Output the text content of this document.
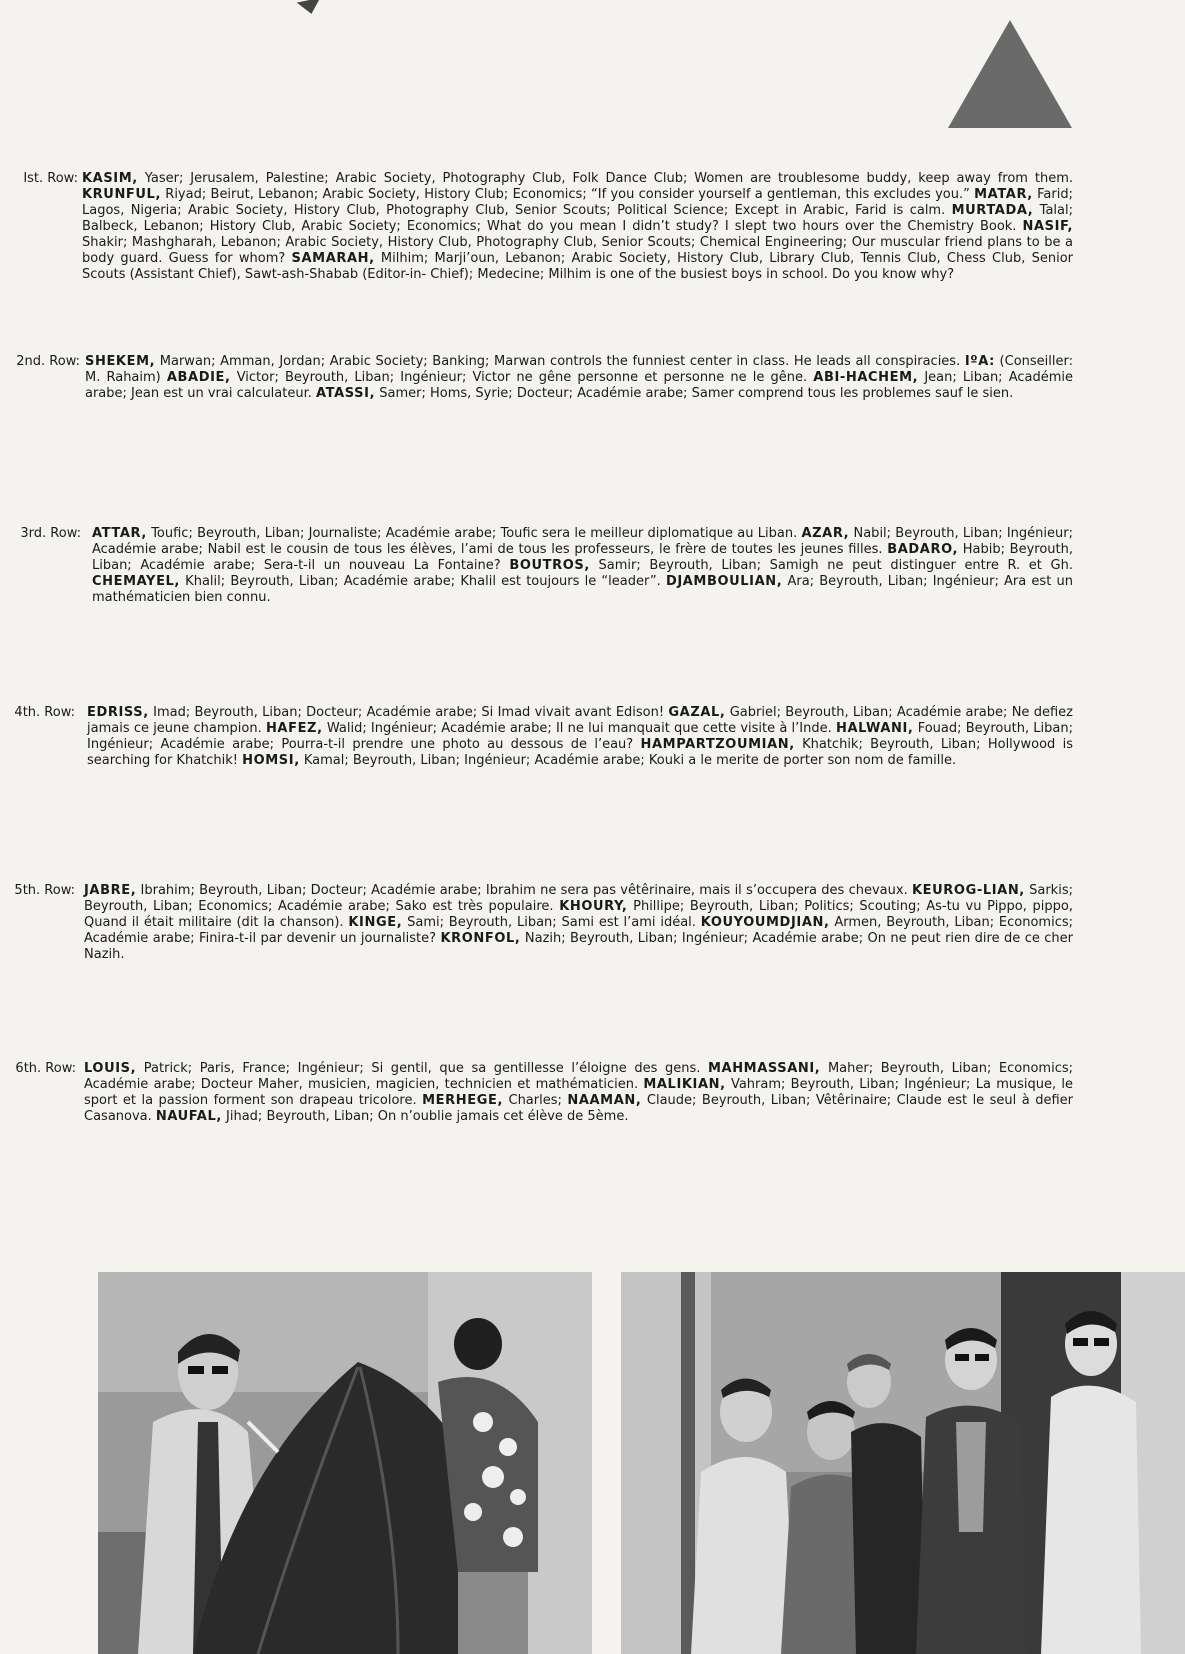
Ist. Row: KASIM, Yaser; Jerusalem, Palestine; Arabic Society, Photography Club, Folk Dance Club; Women are troublesome buddy, keep away from them. KRUNFUL, Riyad; Beirut, Lebanon; Arabic Society, History Club; Economics; “If you consider yourself a gentleman, this excludes you.” MATAR, Farid; Lagos, Nigeria; Arabic Society, History Club, Photography Club, Senior Scouts; Political Science; Except in Arabic, Farid is calm. MURTADA, Talal; Balbeck, Lebanon; History Club, Arabic Society; Economics; What do you mean I didn’t study? I slept two hours over the Chemistry Book. NASIF, Shakir; Mashgharah, Lebanon; Arabic Society, History Club, Photography Club, Senior Scouts; Chemical Engineering; Our muscular friend plans to be a body guard. Guess for whom? SAMARAH, Milhim; Marji’oun, Lebanon; Arabic Society, History Club, Library Club, Tennis Club, Chess Club, Senior Scouts (Assistant Chief), Sawt-ash-Shabab (Editor-in- Chief); Medecine; Milhim is one of the busiest boys in school. Do you know why?
2nd. Row: SHEKEM, Marwan; Amman, Jordan; Arabic Society; Banking; Marwan controls the funniest center in class. He leads all conspiracies. IºA: (Conseiller: M. Rahaim) ABADIE, Victor; Beyrouth, Liban; Ingénieur; Victor ne gêne personne et personne ne le gêne. ABI-HACHEM, Jean; Liban; Académie arabe; Jean est un vrai calculateur. ATASSI, Samer; Homs, Syrie; Docteur; Académie arabe; Samer comprend tous les problemes sauf le sien.
3rd. Row: ATTAR, Toufic; Beyrouth, Liban; Journaliste; Académie arabe; Toufic sera le meilleur diplomatique au Liban. AZAR, Nabil; Beyrouth, Liban; Ingénieur; Académie arabe; Nabil est le cousin de tous les élèves, l’ami de tous les professeurs, le frère de toutes les jeunes filles. BADARO, Habib; Beyrouth, Liban; Académie arabe; Sera-t-il un nouveau La Fontaine? BOUTROS, Samir; Beyrouth, Liban; Samigh ne peut distinguer entre R. et Gh. CHEMAYEL, Khalil; Beyrouth, Liban; Académie arabe; Khalil est toujours le “leader”. DJAMBOULIAN, Ara; Beyrouth, Liban; Ingénieur; Ara est un mathématicien bien connu.
4th. Row: EDRISS, Imad; Beyrouth, Liban; Docteur; Académie arabe; Si Imad vivait avant Edison! GAZAL, Gabriel; Beyrouth, Liban; Académie arabe; Ne defiez jamais ce jeune champion. HAFEZ, Walid; Ingénieur; Académie arabe; Il ne lui manquait que cette visite à l’Inde. HALWANI, Fouad; Beyrouth, Liban; Ingénieur; Académie arabe; Pourra-t-il prendre une photo au dessous de l’eau? HAMPARTZOUMIAN, Khatchik; Beyrouth, Liban; Hollywood is searching for Khatchik! HOMSI, Kamal; Beyrouth, Liban; Ingénieur; Académie arabe; Kouki a le merite de porter son nom de famille.
5th. Row: JABRE, Ibrahim; Beyrouth, Liban; Docteur; Académie arabe; Ibrahim ne sera pas vêtêrinaire, mais il s’occupera des chevaux. KEUROG-LIAN, Sarkis; Beyrouth, Liban; Economics; Académie arabe; Sako est très populaire. KHOURY, Phillipe; Beyrouth, Liban; Politics; Scouting; As-tu vu Pippo, pippo, Quand il était militaire (dit la chanson). KINGE, Sami; Beyrouth, Liban; Sami est l’ami idéal. KOUYOUMDJIAN, Armen, Beyrouth, Liban; Economics; Académie arabe; Finira-t-il par devenir un journaliste? KRONFOL, Nazih; Beyrouth, Liban; Ingénieur; Académie arabe; On ne peut rien dire de ce cher Nazih.
6th. Row: LOUIS, Patrick; Paris, France; Ingénieur; Si gentil, que sa gentillesse l’éloigne des gens. MAHMASSANI, Maher; Beyrouth, Liban; Economics; Académie arabe; Docteur Maher, musicien, magicien, technicien et mathématicien. MALIKIAN, Vahram; Beyrouth, Liban; Ingénieur; La musique, le sport et la passion forment son drapeau tricolore. MERHEGE, Charles; NAAMAN, Claude; Beyrouth, Liban; Vêtêrinaire; Claude est le seul à defier Casanova. NAUFAL, Jihad; Beyrouth, Liban; On n’oublie jamais cet élève de 5ème.
